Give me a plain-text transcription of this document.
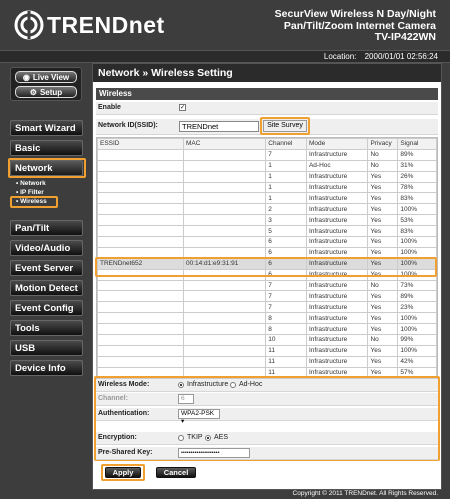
TRENDnet	SecurView Wireless N Day/Night
Pan/Tilt/Zoom Internet Camera
TV-IP422WN
Location: 2000/01/01 02:56:24
◉ Live View
⚙ Setup
Smart Wizard
Basic
Network
• Network
• IP Filter
• Wireless
Pan/Tilt
Video/Audio
Event Server
Motion Detect
Event Config
Tools
USB
Device Info
Network » Wireless Setting
Wireless
Enable	✓
Network ID(SSID):	TRENDnet	Site Survey
ESSID	MAC	Channel	Mode	Privacy	Signal
		7	Infrastructure	No	89%
		1	Ad-Hoc	No	31%
		1	Infrastructure	Yes	26%
		1	Infrastructure	Yes	78%
		1	Infrastructure	Yes	83%
		2	Infrastructure	Yes	100%
		3	Infrastructure	Yes	53%
		5	Infrastructure	Yes	83%
		6	Infrastructure	Yes	100%
		6	Infrastructure	Yes	100%
TRENDnet652	00:14:d1:e9:31:91	6	Infrastructure	Yes	100%
		6	Infrastructure	Yes	100%
		7	Infrastructure	No	73%
		7	Infrastructure	Yes	89%
		7	Infrastructure	Yes	23%
		8	Infrastructure	Yes	100%
		8	Infrastructure	Yes	100%
		10	Infrastructure	No	99%
		11	Infrastructure	Yes	100%
		11	Infrastructure	Yes	42%
		11	Infrastructure	Yes	57%
Wireless Mode:	Infrastructure Ad-Hoc
Channel:	6
Authentication:	WPA2-PSK ▾
Encryption:	TKIP AES
Pre-Shared Key:	••••••••••••••••••••
Apply	Cancel
Copyright © 2011 TRENDnet. All Rights Reserved.
